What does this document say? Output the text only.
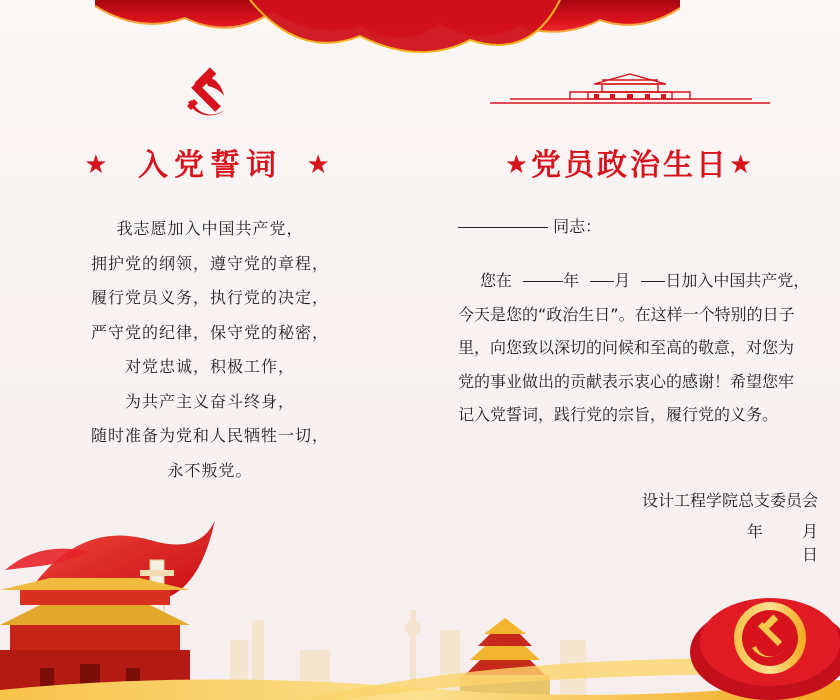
★ 入党誓词 ★
我志愿加入中国共产党，
拥护党的纲领，遵守党的章程，
履行党员义务，执行党的决定，
严守党的纪律，保守党的秘密，
对党忠诚，积极工作，
为共产主义奋斗终身，
随时准备为党和人民牺牲一切，
永不叛党。
★党员政治生日★
同志：
您在	年 月 日加入中国共产党，
今天是您的“政治生日”。在这样一个特别的日子
里，向您致以深切的问候和至高的敬意，对您为
党的事业做出的贡献表示衷心的感谢！希望您牢
记入党誓词，践行党的宗旨，履行党的义务。
设计工程学院总支委员会
年 月 日
